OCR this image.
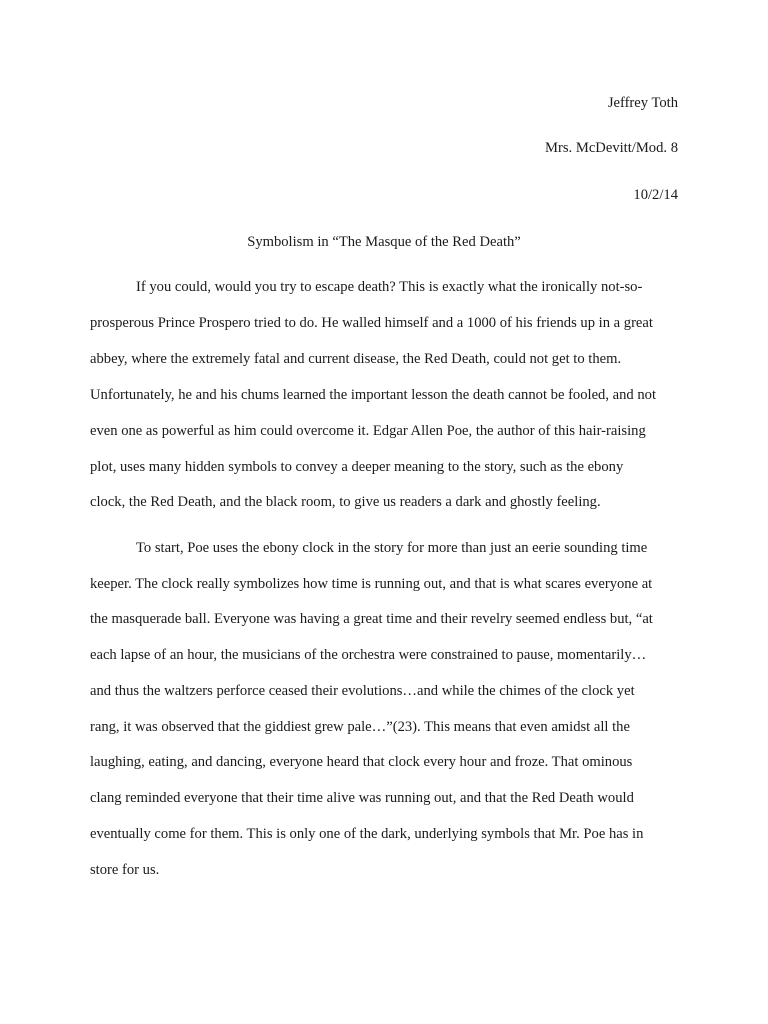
Jeffrey Toth
Mrs. McDevitt/Mod. 8
10/2/14
Symbolism in “The Masque of the Red Death”
If you could, would you try to escape death? This is exactly what the ironically not-so-
prosperous Prince Prospero tried to do. He walled himself and a 1000 of his friends up in a great
abbey, where the extremely fatal and current disease, the Red Death, could not get to them.
Unfortunately, he and his chums learned the important lesson the death cannot be fooled, and not
even one as powerful as him could overcome it. Edgar Allen Poe, the author of this hair-raising
plot, uses many hidden symbols to convey a deeper meaning to the story, such as the ebony
clock, the Red Death, and the black room, to give us readers a dark and ghostly feeling.
To start, Poe uses the ebony clock in the story for more than just an eerie sounding time
keeper. The clock really symbolizes how time is running out, and that is what scares everyone at
the masquerade ball. Everyone was having a great time and their revelry seemed endless but, “at
each lapse of an hour, the musicians of the orchestra were constrained to pause, momentarily…
and thus the waltzers perforce ceased their evolutions…and while the chimes of the clock yet
rang, it was observed that the giddiest grew pale…”(23). This means that even amidst all the
laughing, eating, and dancing, everyone heard that clock every hour and froze. That ominous
clang reminded everyone that their time alive was running out, and that the Red Death would
eventually come for them. This is only one of the dark, underlying symbols that Mr. Poe has in
store for us.
